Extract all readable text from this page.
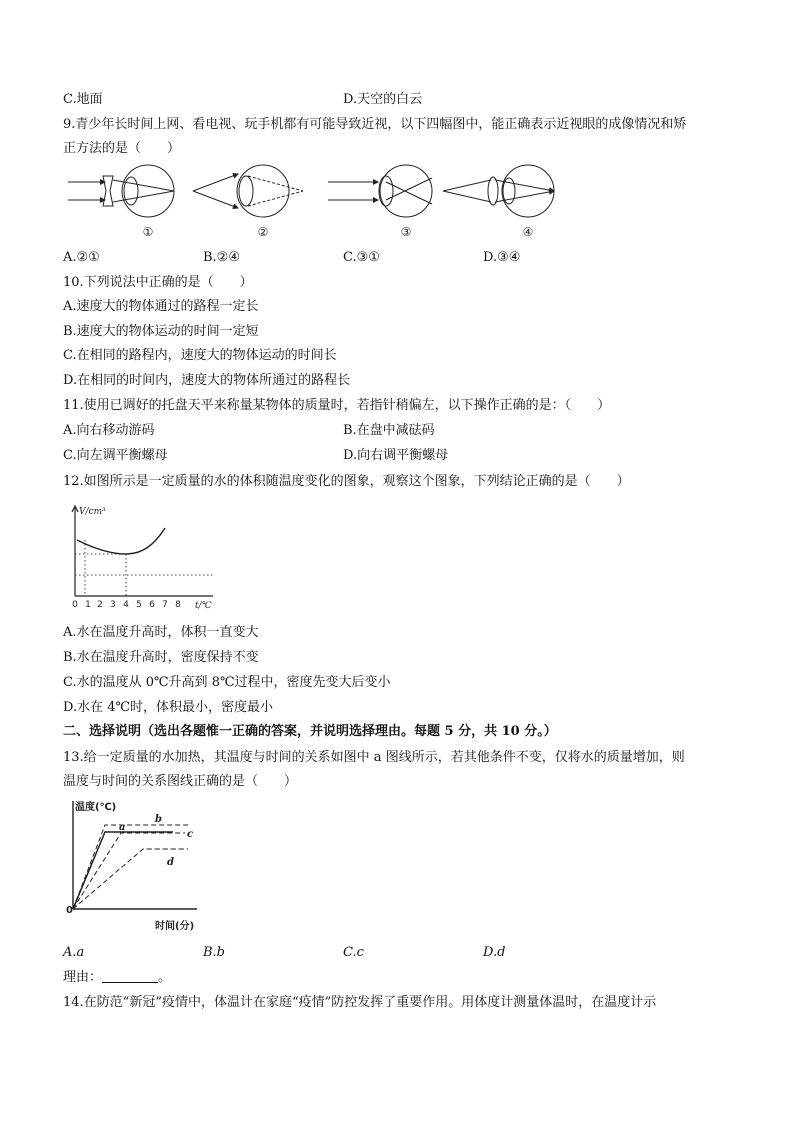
C.地面	D.天空的白云
9.青少年长时间上网、看电视、玩手机都有可能导致近视，以下四幅图中，能正确表示近视眼的成像情况和矫
正方法的是（　　）
①	②	③	④
A.②①	B.②④	C.③①	D.③④
10.下列说法中正确的是（　　）
A.速度大的物体通过的路程一定长
B.速度大的物体运动的时间一定短
C.在相同的路程内，速度大的物体运动的时间长
D.在相同的时间内，速度大的物体所通过的路程长
11.使用已调好的托盘天平来称量某物体的质量时，若指针稍偏左，以下操作正确的是：（　　）
A.向右移动游码	B.在盘中减砝码
C.向左调平衡螺母	D.向右调平衡螺母
12.如图所示是一定质量的水的体积随温度变化的图象，观察这个图象，下列结论正确的是（　　）
V/cm³
t/℃
0 1 2 3 4 5 6 7 8
A.水在温度升高时，体积一直变大
B.水在温度升高时，密度保持不变
C.水的温度从 0℃升高到 8℃过程中，密度先变大后变小
D.水在 4℃时，体积最小，密度最小
二、选择说明（选出各题惟一正确的答案，并说明选择理由。每题 5 分，共 10 分。）
13.给一定质量的水加热，其温度与时间的关系如图中 a 图线所示，若其他条件不变，仅将水的质量增加，则
温度与时间的关系图线正确的是（　　）
b
a
c
d
温度(℃)
时间(分)
0
A.a	B.b	C.c	D.d
理由：	。
14.在防范“新冠”疫情中，体温计在家庭“疫情”防控发挥了重要作用。用体度计测量体温时，在温度计示
